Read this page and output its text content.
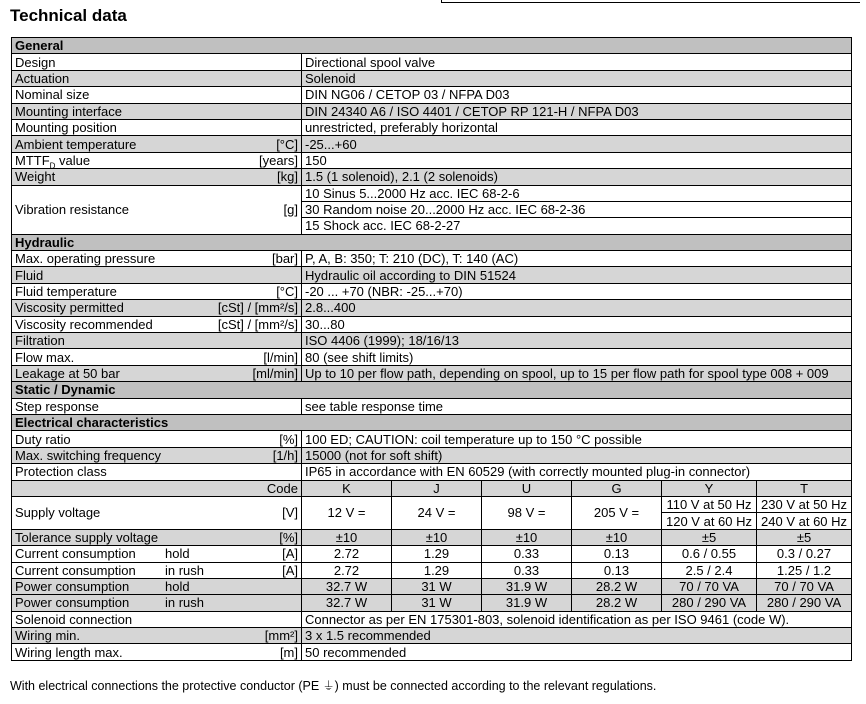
Technical data
General						
Design	Directional spool valve					
Actuation	Solenoid					
Nominal size	DIN NG06 / CETOP 03 / NFPA D03					
Mounting interface	DIN 24340 A6 / ISO 4401 / CETOP RP 121-H / NFPA D03					
Mounting position	unrestricted, preferably horizontal					
Ambient temperature [°C]	-25...+60					
$MTTF_D$ value [years]	150					
Weight [kg]	1.5 (1 solenoid), 2.1 (2 solenoids)					
Vibration resistance [g]	10 Sinus 5...2000 Hz acc. IEC 68-2-6					
	30 Random noise 20...2000 Hz acc. IEC 68-2-36					
	15 Shock acc. IEC 68-2-27					
Hydraulic						
Max. operating pressure [bar]	P, A, B: 350; T: 210 (DC), T: 140 (AC)					
Fluid	Hydraulic oil according to DIN 51524					
Fluid temperature [°C]	-20 ... +70 (NBR: -25...+70)					
Viscosity permitted [cSt] / [mm²/s]	2.8...400					
Viscosity recommended [cSt] / [mm²/s]	30...80					
Filtration	ISO 4406 (1999); 18/16/13					
Flow max. [l/min]	80 (see shift limits)					
Leakage at 50 bar [ml/min]	Up to 10 per flow path, depending on spool, up to 15 per flow path for spool type 008 + 009					
Static / Dynamic						
Step response	see table response time					
Electrical characteristics						
Duty ratio [%]	100 ED; CAUTION: coil temperature up to 150 °C possible					
Max. switching frequency [1/h]	15000 (not for soft shift)					
Protection class	IP65 in accordance with EN 60529 (with correctly mounted plug-in connector)					
Code	K	J	U	G	Y	T
Supply voltage [V]	12 V =	24 V =	98 V =	205 V =	110 V at 50 Hz	230 V at 50 Hz
					120 V at 60 Hz	240 V at 60 Hz
Tolerance supply voltage [%]	±10	±10	±10	±10	±5	±5
Current consumption hold [A]	2.72	1.29	0.33	0.13	0.6 / 0.55	0.3 / 0.27
Current consumption in rush [A]	2.72	1.29	0.33	0.13	2.5 / 2.4	1.25 / 1.2
Power consumption hold	32.7 W	31 W	31.9 W	28.2 W	70 / 70 VA	70 / 70 VA
Power consumption in rush	32.7 W	31 W	31.9 W	28.2 W	280 / 290 VA	280 / 290 VA
Solenoid connection	Connector as per EN 175301-803, solenoid identification as per ISO 9461 (code W).					
Wiring min. [mm²]	3 x 1.5 recommended					
Wiring length max. [m]	50 recommended					
With electrical connections the protective conductor (PE ⏚) must be connected according to the relevant regulations.
